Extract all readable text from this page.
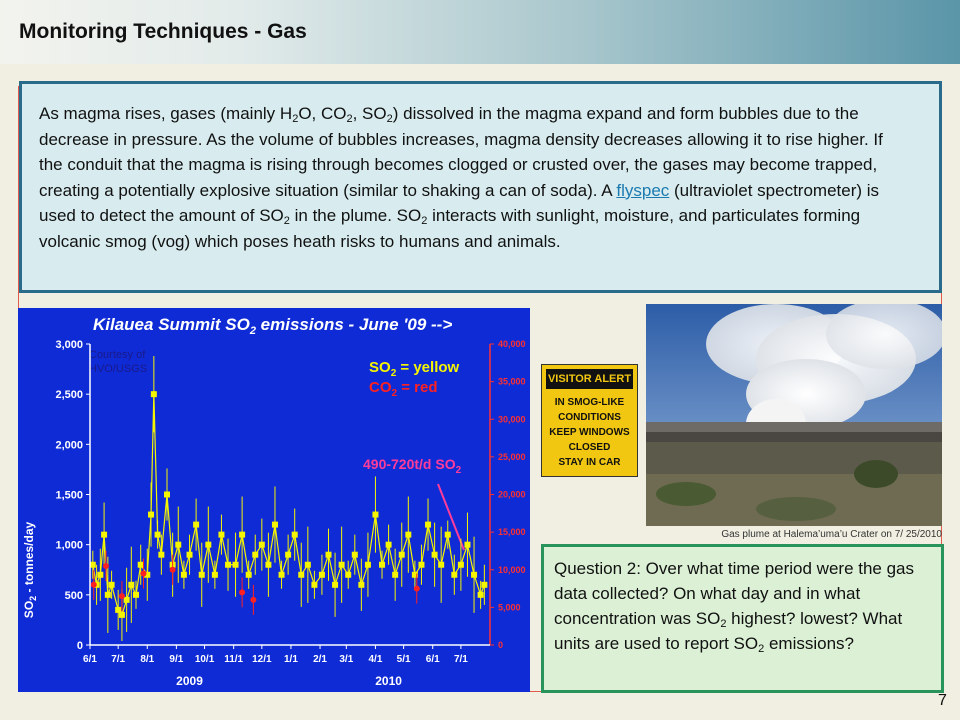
Monitoring Techniques - Gas
As magma rises, gases (mainly $H_2O$, $CO_2$, $SO_2$) dissolved in the magma expand and form bubbles due to the decrease in pressure. As the volume of bubbles increases, magma density decreases allowing it to rise higher. If the conduit that the magma is rising through becomes clogged or crusted over, the gases may become trapped, creating a potentially explosive situation (similar to shaking a can of soda). A flyspec (ultraviolet spectrometer) is used to detect the amount of $SO_2$ in the plume. $SO_2$ interacts with sunlight, moisture, and particulates forming volcanic smog (vog) which poses heath risks to humans and animals.
Kilauea Summit $SO_2$ emissions - June '09 -->
Courtesy of
HVO/USGS
$SO_2$ - tonnes/day
$SO_2$ = yellow
$CO_2$ = red
490-720t/d $SO_2$
0
500
1,000
1,500
2,000
2,500
3,000
0
5,000
10,000
15,000
20,000
25,000
30,000
35,000
40,000
6/1 7/1 8/1 9/1 10/1 11/1 12/1 1/1 2/1 3/1 4/1 5/1 6/1 7/1
2009	2010
VISITOR ALERT
IN SMOG-LIKE
CONDITIONS
KEEP WINDOWS
CLOSED
STAY IN CAR
Gas plume at Halema’uma’u Crater on 7/ 25/2010
Question 2: Over what time period were the gas data collected? On what day and in what concentration was $SO_2$ highest? lowest? What units are used to report $SO_2$ emissions?
7
